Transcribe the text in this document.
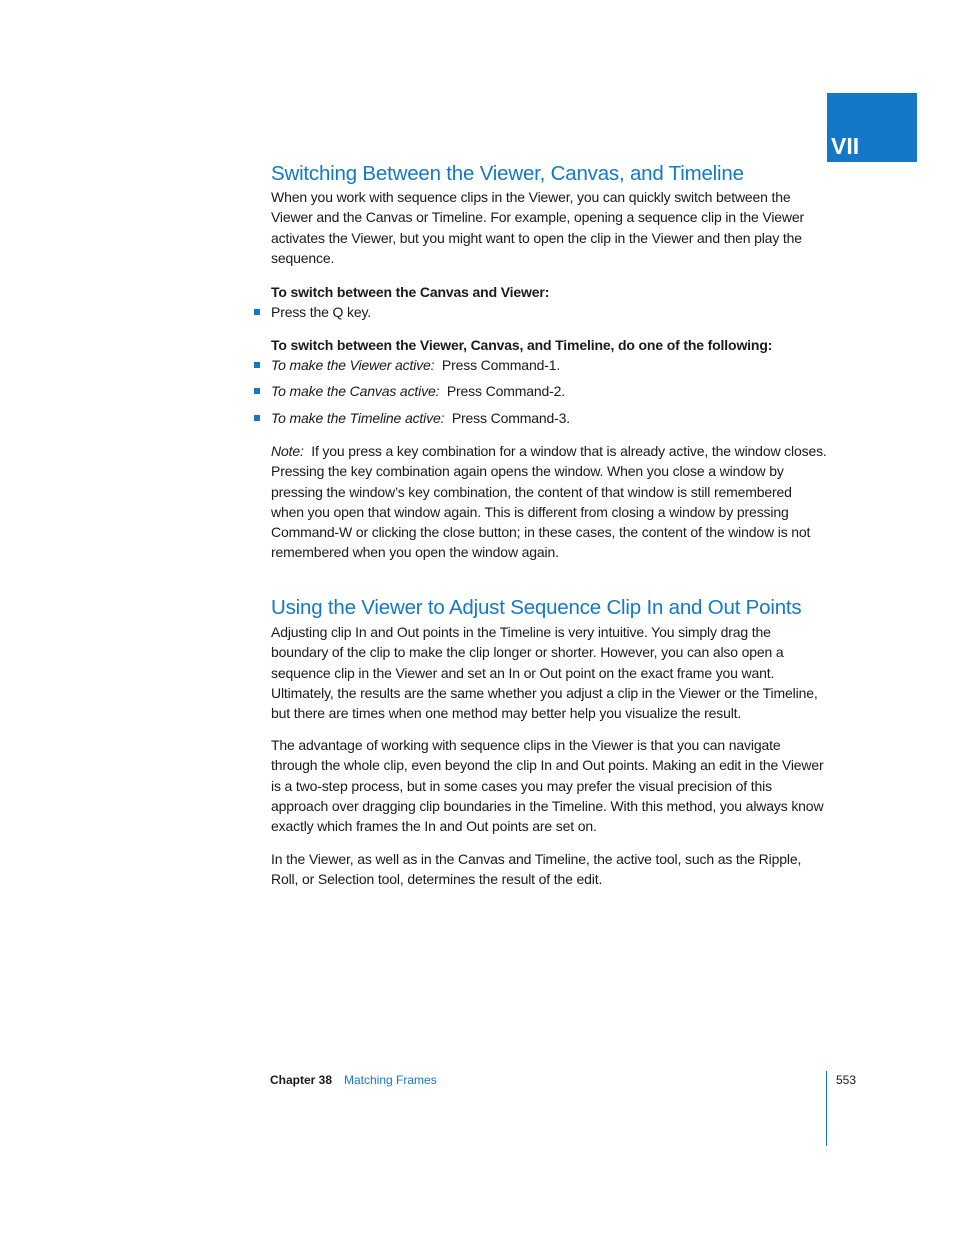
VII
Switching Between the Viewer, Canvas, and Timeline

When you work with sequence clips in the Viewer, you can quickly switch between the Viewer and the Canvas or Timeline. For example, opening a sequence clip in the Viewer activates the Viewer, but you might want to open the clip in the Viewer and then play the sequence.

To switch between the Canvas and Viewer:
Press the Q key.
To switch between the Viewer, Canvas, and Timeline, do one of the following:
To make the Viewer active: Press Command-1.
To make the Canvas active: Press Command-2.
To make the Timeline active: Press Command-3.

Note: If you press a key combination for a window that is already active, the window closes. Pressing the key combination again opens the window. When you close a window by pressing the window’s key combination, the content of that window is still remembered when you open that window again. This is different from closing a window by pressing Command-W or clicking the close button; in these cases, the content of the window is not remembered when you open the window again.

Using the Viewer to Adjust Sequence Clip In and Out Points

Adjusting clip In and Out points in the Timeline is very intuitive. You simply drag the boundary of the clip to make the clip longer or shorter. However, you can also open a sequence clip in the Viewer and set an In or Out point on the exact frame you want. Ultimately, the results are the same whether you adjust a clip in the Viewer or the Timeline, but there are times when one method may better help you visualize the result.

The advantage of working with sequence clips in the Viewer is that you can navigate through the whole clip, even beyond the clip In and Out points. Making an edit in the Viewer is a two-step process, but in some cases you may prefer the visual precision of this approach over dragging clip boundaries in the Timeline. With this method, you always know exactly which frames the In and Out points are set on.

In the Viewer, as well as in the Canvas and Timeline, the active tool, such as the Ripple, Roll, or Selection tool, determines the result of the edit.

Chapter 38 Matching Frames	553
